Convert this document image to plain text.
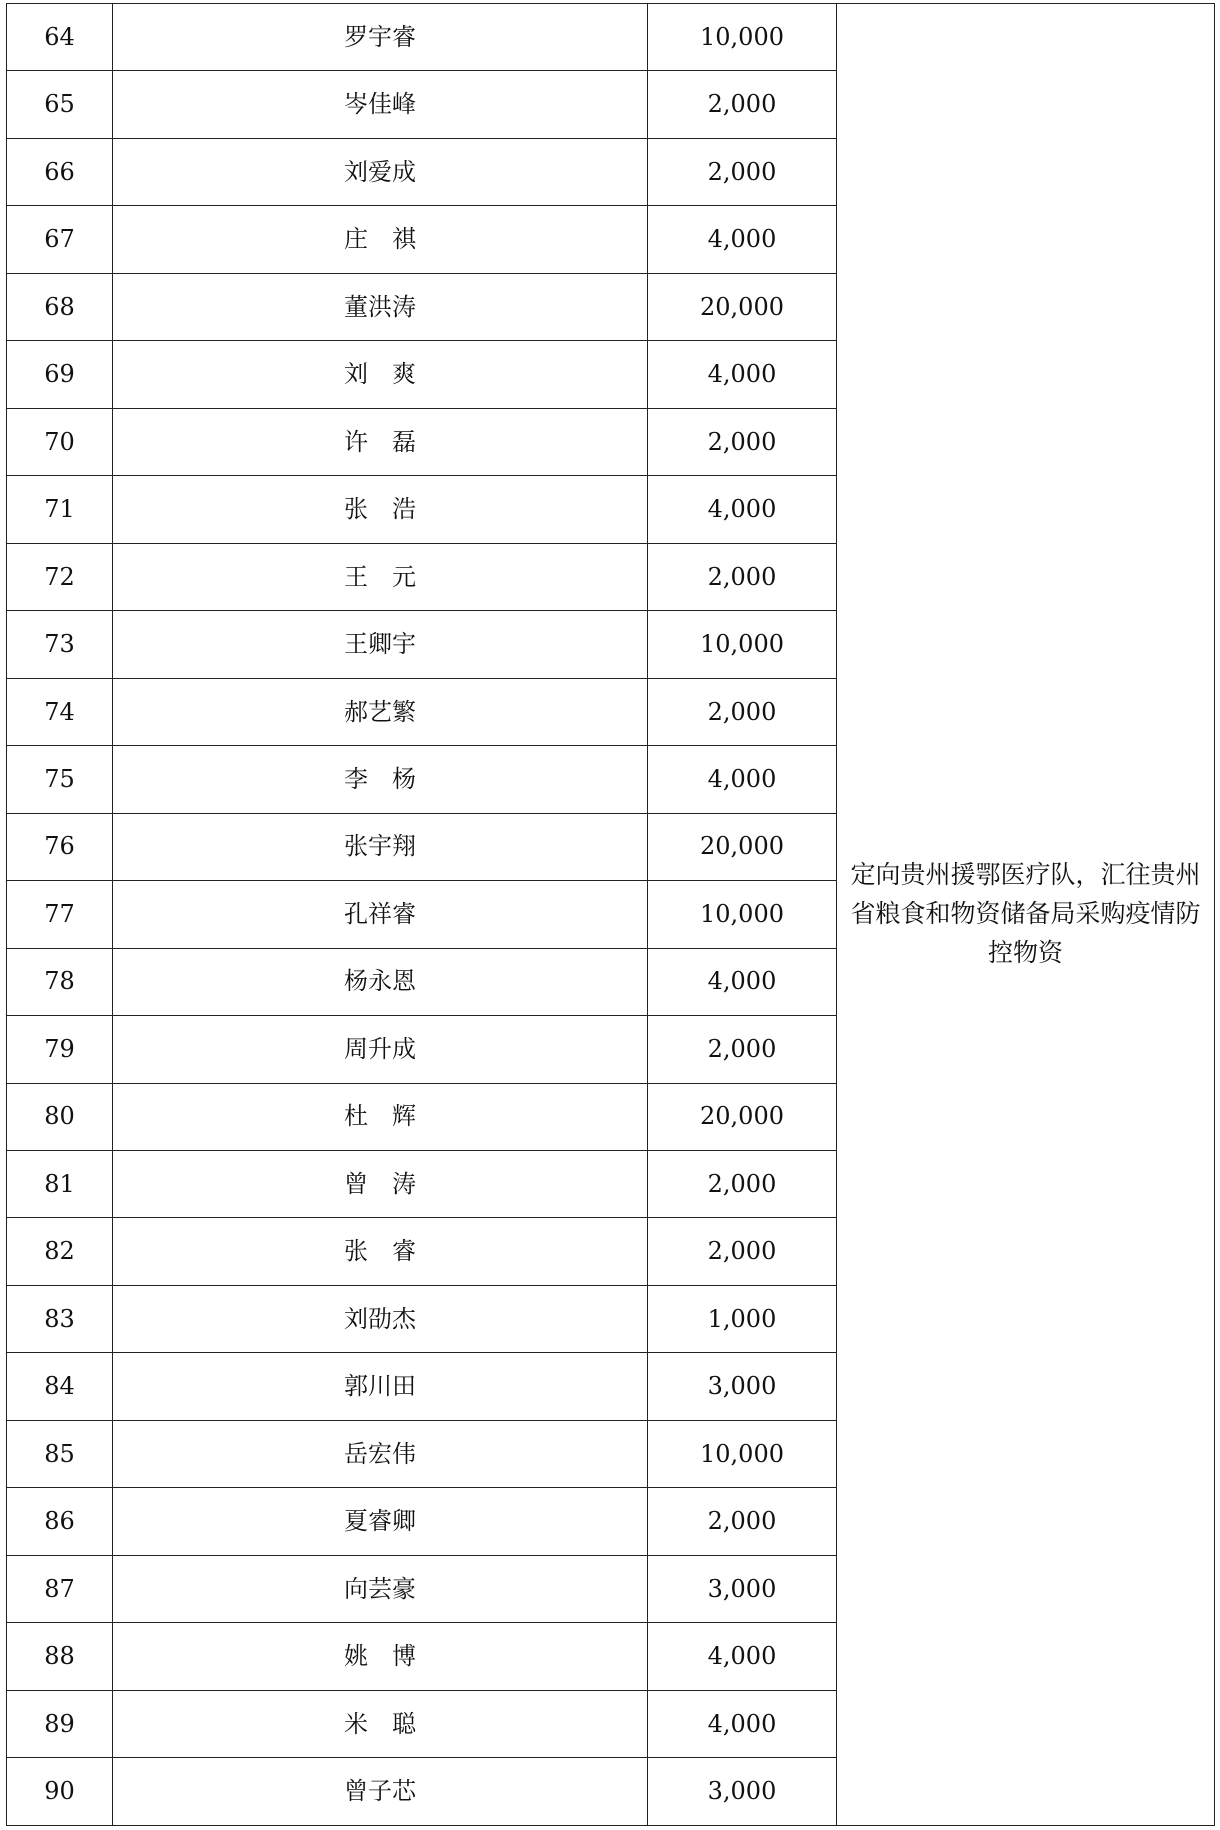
64	罗宇睿	10,000	定向贵州援鄂医疗队，汇往贵州省粮食和物资储备局采购疫情防控物资
65	岑佳峰	2,000	
66	刘爱成	2,000	
67	庄　祺	4,000	
68	董洪涛	20,000	
69	刘　爽	4,000	
70	许　磊	2,000	
71	张　浩	4,000	
72	王　元	2,000	
73	王卿宇	10,000	
74	郝艺繁	2,000	
75	李　杨	4,000	
76	张宇翔	20,000	
77	孔祥睿	10,000	
78	杨永恩	4,000	
79	周升成	2,000	
80	杜　辉	20,000	
81	曾　涛	2,000	
82	张　睿	2,000	
83	刘劭杰	1,000	
84	郭川田	3,000	
85	岳宏伟	10,000	
86	夏睿卿	2,000	
87	向芸豪	3,000	
88	姚　博	4,000	
89	米　聪	4,000	
90	曾子芯	3,000	
